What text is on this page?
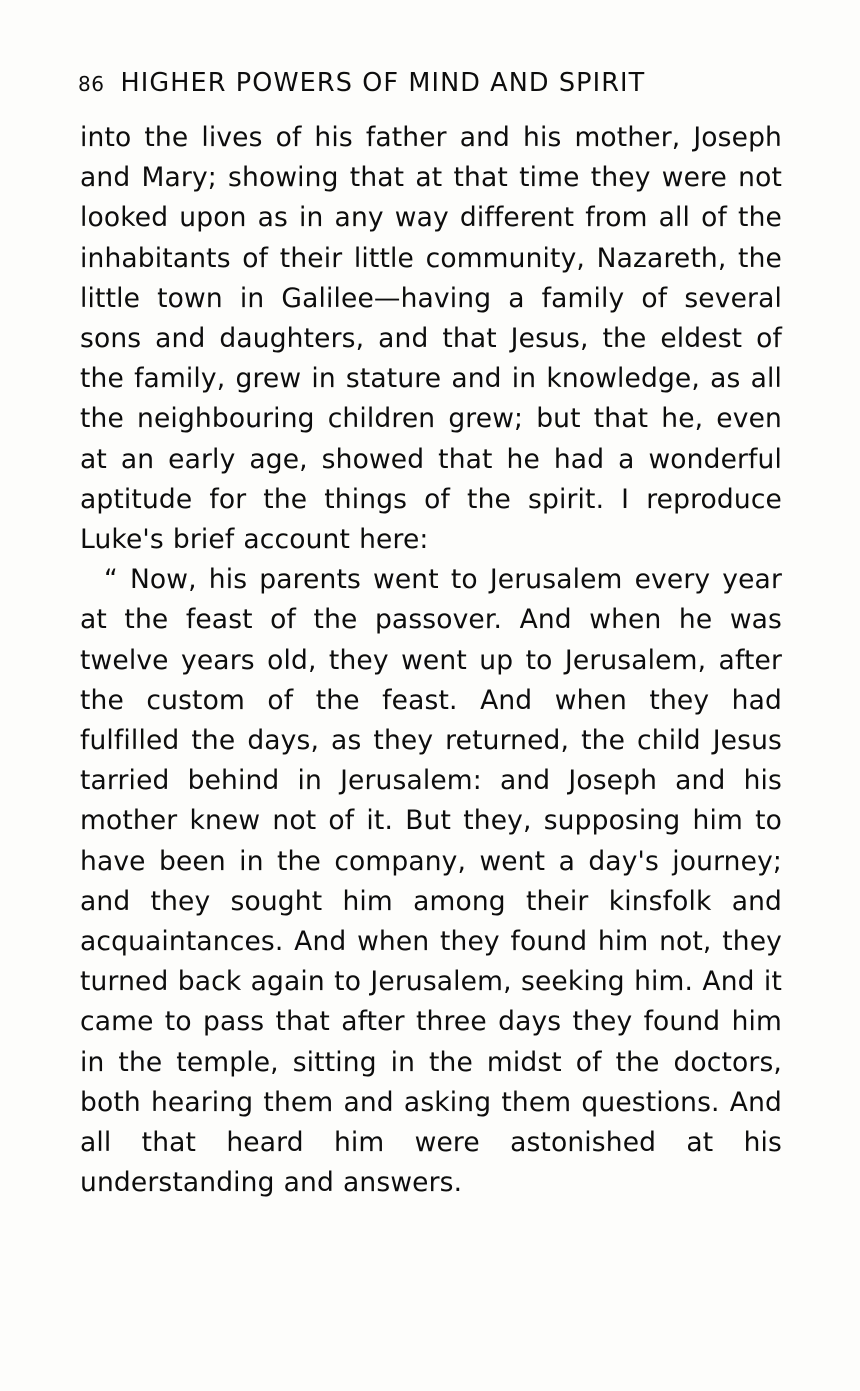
86 HIGHER POWERS OF MIND AND SPIRIT

into the lives of his father and his mother, Joseph and Mary; showing that at that time they were not looked upon as in any way different from all of the inhabitants of their little community, Nazareth, the little town in Galilee—having a family of several sons and daughters, and that Jesus, the eldest of the family, grew in stature and in knowledge, as all the neighbouring children grew; but that he, even at an early age, showed that he had a wonderful aptitude for the things of the spirit. I reproduce Luke's brief account here:

“ Now, his parents went to Jerusalem every year at the feast of the passover. And when he was twelve years old, they went up to Jerusalem, after the custom of the feast. And when they had fulfilled the days, as they returned, the child Jesus tarried behind in Jerusalem: and Joseph and his mother knew not of it. But they, supposing him to have been in the company, went a day's journey; and they sought him among their kinsfolk and acquaintances. And when they found him not, they turned back again to Jerusalem, seeking him. And it came to pass that after three days they found him in the temple, sitting in the midst of the doctors, both hearing them and asking them questions. And all that heard him were astonished at his understanding and answers.
